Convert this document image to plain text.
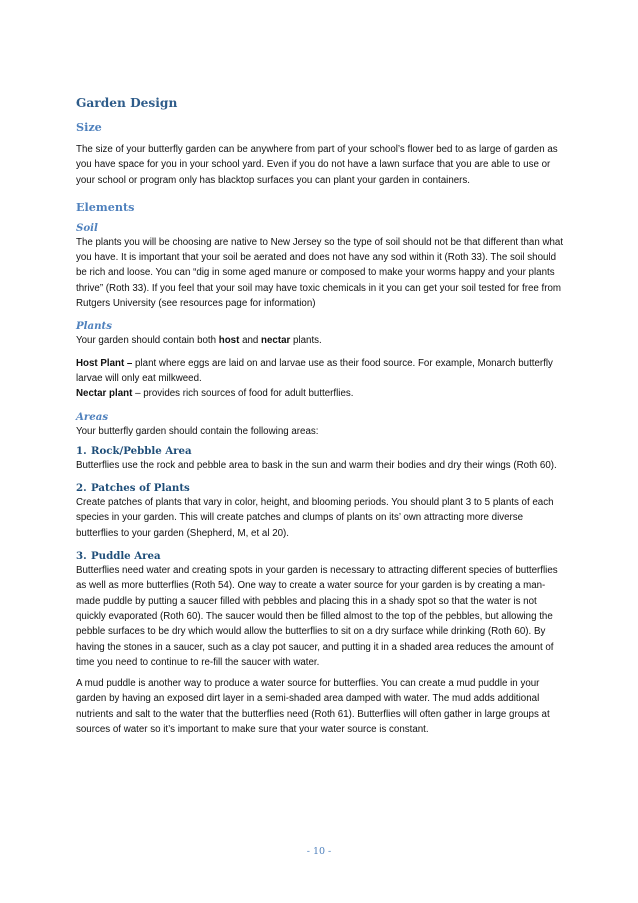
Garden Design
Size

The size of your butterfly garden can be anywhere from part of your school’s flower bed to as large of garden as you have space for you in your school yard. Even if you do not have a lawn surface that you are able to use or your school or program only has blacktop surfaces you can plant your garden in containers.

Elements
Soil

The plants you will be choosing are native to New Jersey so the type of soil should not be that different than what you have. It is important that your soil be aerated and does not have any sod within it (Roth 33). The soil should be rich and loose. You can “dig in some aged manure or composed to make your worms happy and your plants thrive” (Roth 33). If you feel that your soil may have toxic chemicals in it you can get your soil tested for free from Rutgers University (see resources page for information)

Plants

Your garden should contain both host and nectar plants.

Host Plant – plant where eggs are laid on and larvae use as their food source. For example, Monarch butterfly larvae will only eat milkweed.

Nectar plant – provides rich sources of food for adult butterflies.

Areas

Your butterfly garden should contain the following areas:

1. Rock/Pebble Area

Butterflies use the rock and pebble area to bask in the sun and warm their bodies and dry their wings (Roth 60).

2. Patches of Plants

Create patches of plants that vary in color, height, and blooming periods. You should plant 3 to 5 plants of each species in your garden. This will create patches and clumps of plants on its’ own attracting more diverse butterflies to your garden (Shepherd, M, et al 20).

3. Puddle Area

Butterflies need water and creating spots in your garden is necessary to attracting different species of butterflies as well as more butterflies (Roth 54). One way to create a water source for your garden is by creating a man-made puddle by putting a saucer filled with pebbles and placing this in a shady spot so that the water is not quickly evaporated (Roth 60). The saucer would then be filled almost to the top of the pebbles, but allowing the pebble surfaces to be dry which would allow the butterflies to sit on a dry surface while drinking (Roth 60). By having the stones in a saucer, such as a clay pot saucer, and putting it in a shaded area reduces the amount of time you need to continue to re-fill the saucer with water.

A mud puddle is another way to produce a water source for butterflies. You can create a mud puddle in your garden by having an exposed dirt layer in a semi-shaded area damped with water. The mud adds additional nutrients and salt to the water that the butterflies need (Roth 61). Butterflies will often gather in large groups at sources of water so it’s important to make sure that your water source is constant.

- 10 -
